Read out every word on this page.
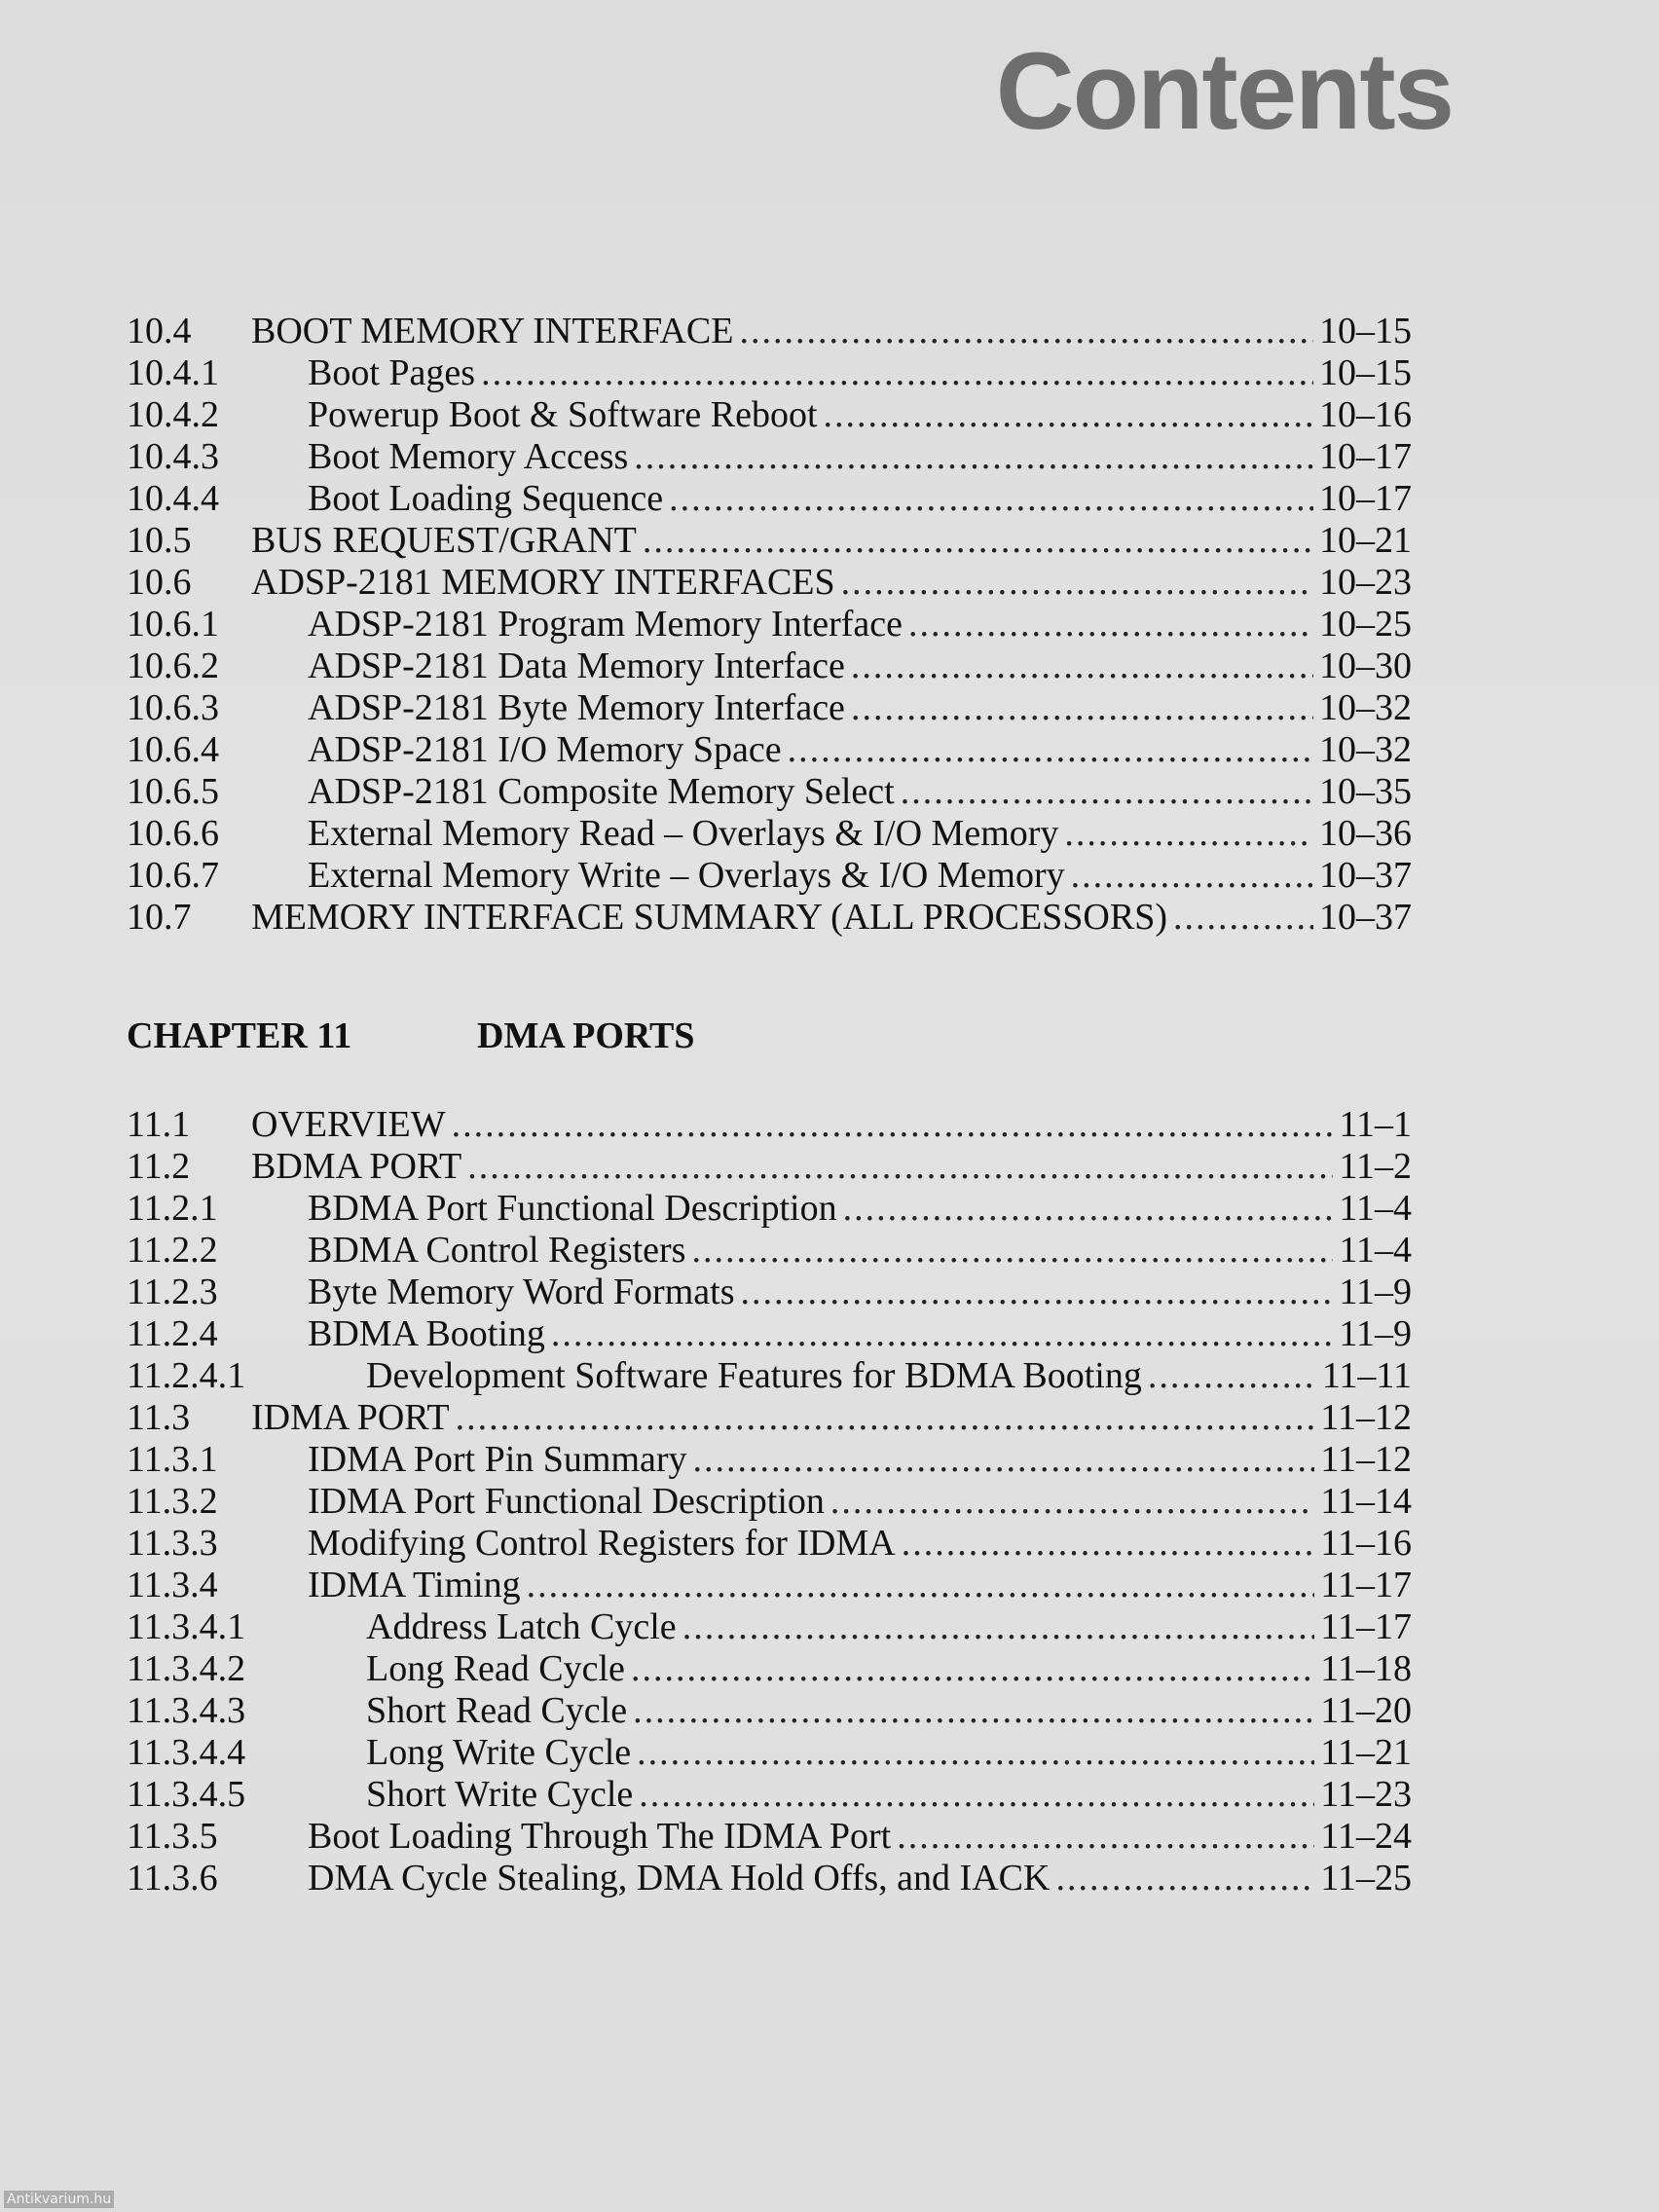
Contents
10.4	BOOT MEMORY INTERFACE .....	10–15
10.4.1	Boot Pages .....	10–15
10.4.2	Powerup Boot & Software Reboot .....	10–16
10.4.3	Boot Memory Access .....	10–17
10.4.4	Boot Loading Sequence .....	10–17
10.5	BUS REQUEST/GRANT .....	10–21
10.6	ADSP-2181 MEMORY INTERFACES .....	10–23
10.6.1	ADSP-2181 Program Memory Interface .....	10–25
10.6.2	ADSP-2181 Data Memory Interface .....	10–30
10.6.3	ADSP-2181 Byte Memory Interface .....	10–32
10.6.4	ADSP-2181 I/O Memory Space .....	10–32
10.6.5	ADSP-2181 Composite Memory Select .....	10–35
10.6.6	External Memory Read – Overlays & I/O Memory .....	10–36
10.6.7	External Memory Write – Overlays & I/O Memory .....	10–37
10.7	MEMORY INTERFACE SUMMARY (ALL PROCESSORS) .....	10–37
CHAPTER 11	DMA PORTS
11.1	OVERVIEW .....	11–1
11.2	BDMA PORT .....	11–2
11.2.1	BDMA Port Functional Description .....	11–4
11.2.2	BDMA Control Registers .....	11–4
11.2.3	Byte Memory Word Formats .....	11–9
11.2.4	BDMA Booting .....	11–9
11.2.4.1	Development Software Features for BDMA Booting .....	11–11
11.3	IDMA PORT .....	11–12
11.3.1	IDMA Port Pin Summary .....	11–12
11.3.2	IDMA Port Functional Description .....	11–14
11.3.3	Modifying Control Registers for IDMA .....	11–16
11.3.4	IDMA Timing .....	11–17
11.3.4.1	Address Latch Cycle .....	11–17
11.3.4.2	Long Read Cycle .....	11–18
11.3.4.3	Short Read Cycle .....	11–20
11.3.4.4	Long Write Cycle .....	11–21
11.3.4.5	Short Write Cycle .....	11–23
11.3.5	Boot Loading Through The IDMA Port .....	11–24
11.3.6	DMA Cycle Stealing, DMA Hold Offs, and IACK .....	11–25
Antikvarium.hu
